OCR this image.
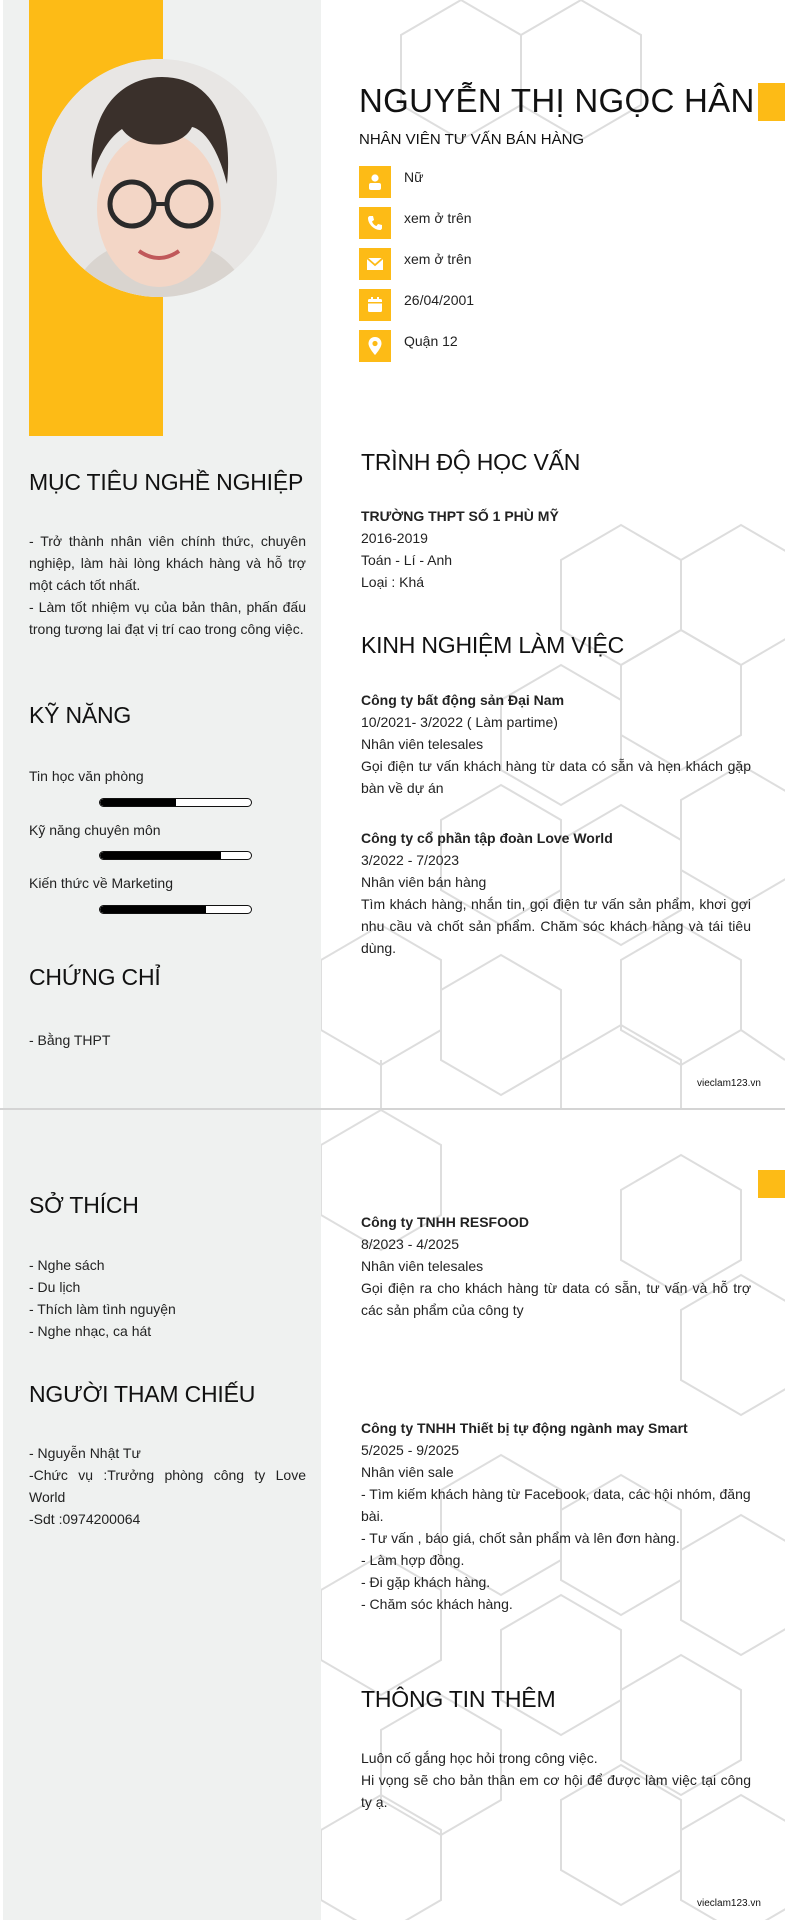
NGUYỄN THỊ NGỌC HÂN
NHÂN VIÊN TƯ VẤN BÁN HÀNG
Nữ
xem ở trên
xem ở trên
26/04/2001
Quận 12
MỤC TIÊU NGHỀ NGHIỆP
- Trở thành nhân viên chính thức, chuyên nghiệp, làm hài lòng khách hàng và hỗ trợ một cách tốt nhất.
- Làm tốt nhiệm vụ của bản thân, phấn đấu trong tương lai đạt vị trí cao trong công việc.
KỸ NĂNG
Tin học văn phòng
Kỹ năng chuyên môn
Kiến thức về Marketing
CHỨNG CHỈ
- Bằng THPT
TRÌNH ĐỘ HỌC VẤN
TRƯỜNG THPT SỐ 1 PHÙ MỸ
2016-2019
Toán - Lí - Anh
Loại : Khá
KINH NGHIỆM LÀM VIỆC
Công ty bất động sản Đại Nam
10/2021- 3/2022 ( Làm partime)
Nhân viên telesales
Gọi điện tư vấn khách hàng từ data có sẵn và hẹn khách gặp bàn về dự án
Công ty cổ phần tập đoàn Love World
3/2022 - 7/2023
Nhân viên bán hàng
Tìm khách hàng, nhắn tin, gọi điện tư vấn sản phẩm, khơi gợi nhu cầu và chốt sản phẩm. Chăm sóc khách hàng và tái tiêu dùng.
vieclam123.vn
SỞ THÍCH
- Nghe sách
- Du lịch
- Thích làm tình nguyện
- Nghe nhạc, ca hát
NGƯỜI THAM CHIẾU
- Nguyễn Nhật Tư
-Chức vụ :Trưởng phòng công ty Love World
-Sdt :0974200064
Công ty TNHH RESFOOD
8/2023 - 4/2025
Nhân viên telesales
Gọi điện ra cho khách hàng từ data có sẵn, tư vấn và hỗ trợ các sản phẩm của công ty
Công ty TNHH Thiết bị tự động ngành may Smart
5/2025 - 9/2025
Nhân viên sale
- Tìm kiếm khách hàng từ Facebook, data, các hội nhóm, đăng bài.
- Tư vấn , báo giá, chốt sản phẩm và lên đơn hàng.
- Làm hợp đồng.
- Đi gặp khách hàng.
- Chăm sóc khách hàng.
THÔNG TIN THÊM
Luôn cố gắng học hỏi trong công việc.
Hi vọng sẽ cho bản thân em cơ hội để được làm việc tại công ty ạ.
vieclam123.vn
